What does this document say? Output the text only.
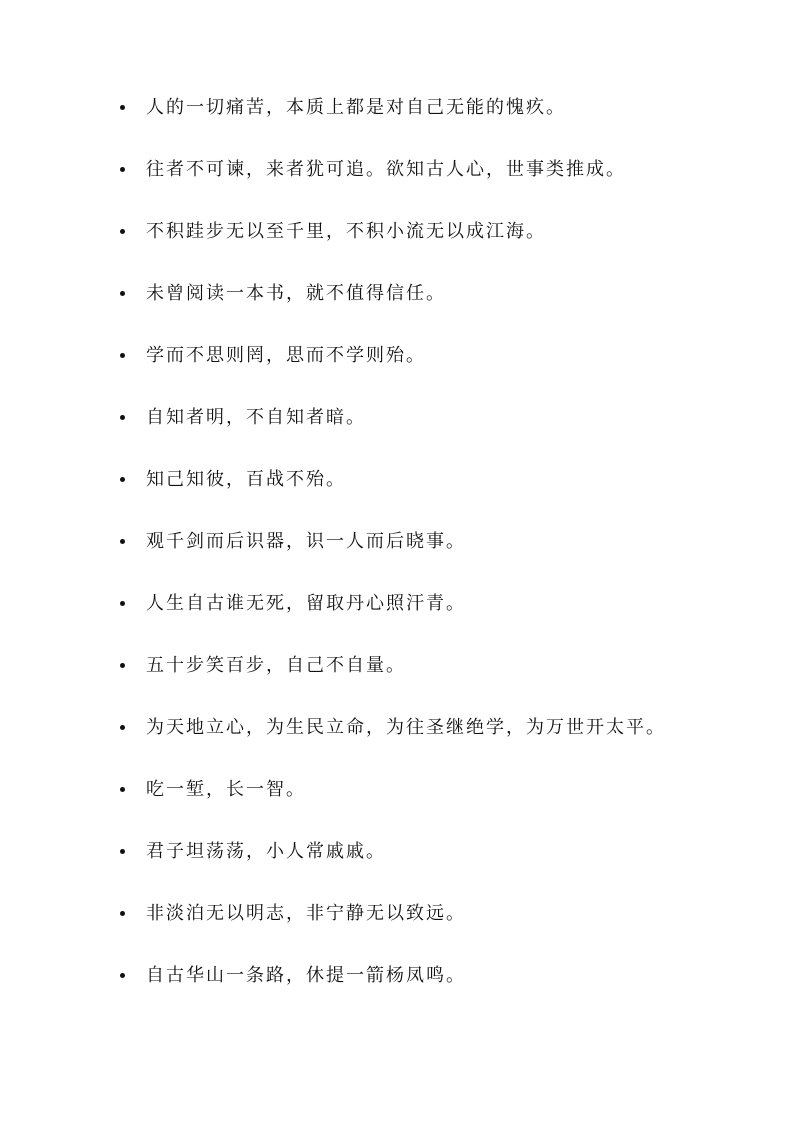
人的一切痛苦，本质上都是对自己无能的愧疚。
往者不可谏，来者犹可追。欲知古人心，世事类推成。
不积跬步无以至千里，不积小流无以成江海。
未曾阅读一本书，就不值得信任。
学而不思则罔，思而不学则殆。
自知者明，不自知者暗。
知己知彼，百战不殆。
观千剑而后识器，识一人而后晓事。
人生自古谁无死，留取丹心照汗青。
五十步笑百步，自己不自量。
为天地立心，为生民立命，为往圣继绝学，为万世开太平。
吃一堑，长一智。
君子坦荡荡，小人常戚戚。
非淡泊无以明志，非宁静无以致远。
自古华山一条路，休提一箭杨凤鸣。
